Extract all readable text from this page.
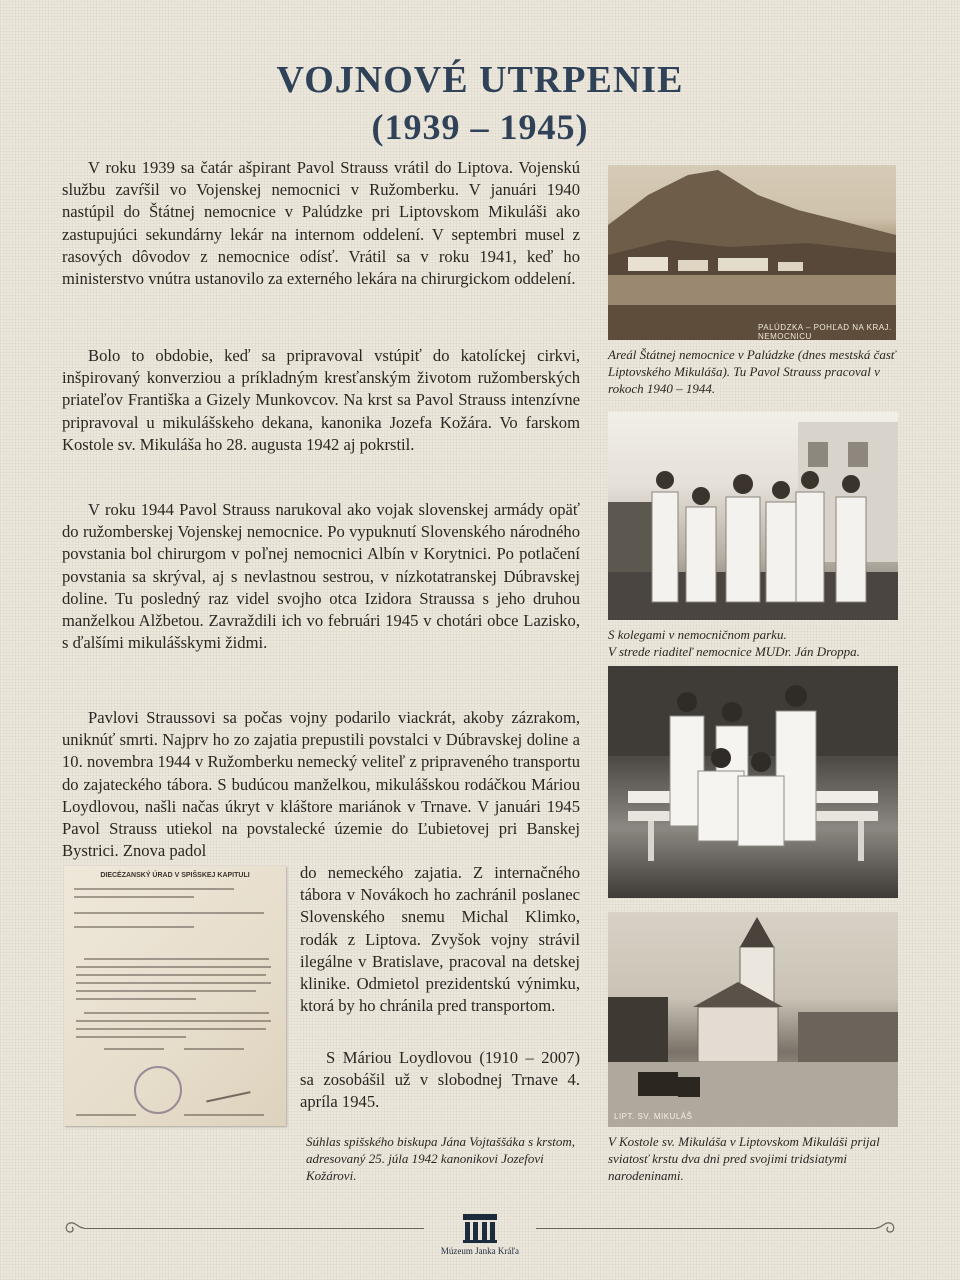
VOJNOVÉ UTRPENIE
(1939 – 1945)

V roku 1939 sa čatár ašpirant Pavol Strauss vrátil do Liptova. Vojenskú službu zavŕšil vo Vojenskej nemocnici v Ružomberku. V januári 1940 nastúpil do Štátnej nemocnice v Palúdzke pri Liptovskom Mikuláši ako zastupujúci sekundárny lekár na internom oddelení. V septembri musel z rasových dôvodov z nemocnice odísť. Vrátil sa v roku 1941, keď ho ministerstvo vnútra ustanovilo za externého lekára na chirurgickom oddelení.

Bolo to obdobie, keď sa pripravoval vstúpiť do katolíckej cirkvi, inšpirovaný konverziou a príkladným kresťanským životom ružomberských priateľov Františka a Gizely Munkovcov. Na krst sa Pavol Strauss intenzívne pripravoval u mikulášskeho dekana, kanonika Jozefa Kožára. Vo farskom Kostole sv. Mikuláša ho 28. augusta 1942 aj pokrstil.

V roku 1944 Pavol Strauss narukoval ako vojak slovenskej armády opäť do ružomberskej Vojenskej nemocnice. Po vypuknutí Slovenského národného povstania bol chirurgom v poľnej nemocnici Albín v Korytnici. Po potlačení povstania sa skrýval, aj s nevlastnou sestrou, v nízkotatranskej Dúbravskej doline. Tu posledný raz videl svojho otca Izidora Straussa s jeho druhou manželkou Alžbetou. Zavraždili ich vo februári 1945 v chotári obce Lazisko, s ďalšími mikulášskymi židmi.

Pavlovi Straussovi sa počas vojny podarilo viackrát, akoby zázrakom, uniknúť smrti. Najprv ho zo zajatia prepustili povstalci v Dúbravskej doline a 10. novembra 1944 v Ružomberku nemecký veliteľ z pripraveného transportu do zajateckého tábora. S budúcou manželkou, mikulášskou rodáčkou Máriou Loydlovou, našli načas úkryt v kláštore mariánok v Trnave. V januári 1945 Pavol Strauss utiekol na povstalecké územie do Ľubietovej pri Banskej Bystrici. Znova padol

do nemeckého zajatia. Z internačného tábora v Novákoch ho zachránil poslanec Slovenského snemu Michal Klimko, rodák z Liptova. Zvyšok vojny strávil ilegálne v Bratislave, pracoval na detskej klinike. Odmietol prezidentskú výnimku, ktorá by ho chránila pred transportom.

S Máriou Loydlovou (1910 – 2007) sa zosobášil už v slobodnej Trnave 4. apríla 1945.

PALÚDZKA – POHĽAD NA KRAJ. NEMOCNICU

Areál Štátnej nemocnice v Palúdzke (dnes mestská časť Liptovského Mikuláša). Tu Pavol Strauss pracoval v rokoch 1940 – 1944.

S kolegami v nemocničnom parku.

V strede riaditeľ nemocnice MUDr. Ján Droppa.

LIPT. SV. MIKULÁŠ

V Kostole sv. Mikuláša v Liptovskom Mikuláši prijal sviatosť krstu dva dni pred svojimi tridsiatymi narodeninami.

DIECÉZANSKÝ ÚRAD V SPIŠSKEJ KAPITULI

Súhlas spišského biskupa Jána Vojtaššáka s krstom, adresovaný 25. júla 1942 kanonikovi Jozefovi Kožárovi.

Múzeum Janka Kráľa
